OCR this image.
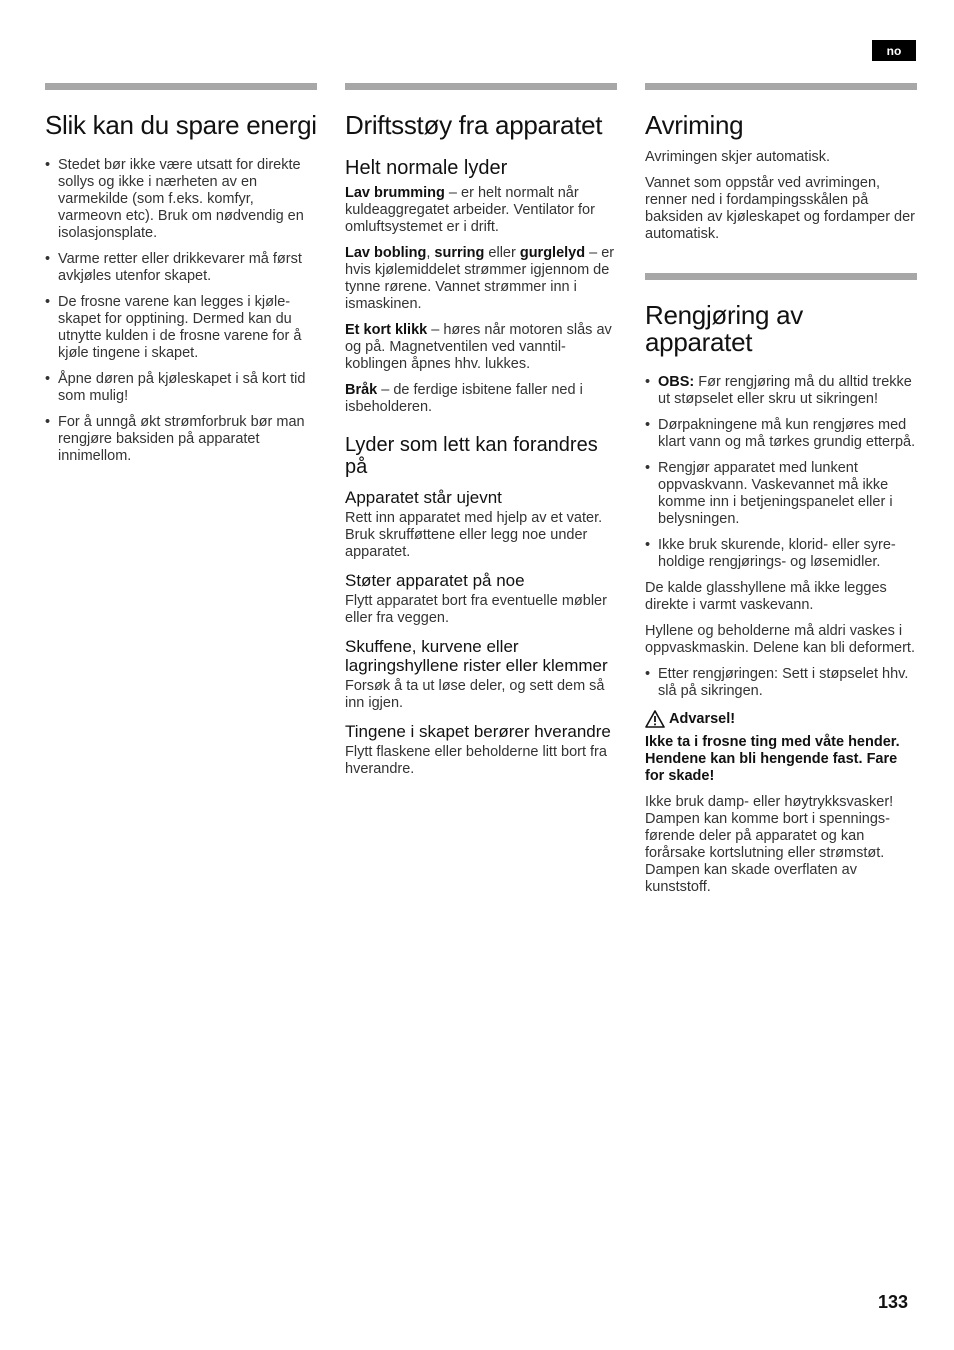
no
Slik kan du spare energi
• Stedet bør ikke være utsatt for direkte sollys og ikke i nærheten av en varmekilde (som f.eks. komfyr, varmeovn etc). Bruk om nødvendig en isolasjonsplate.
• Varme retter eller drikkevarer må først avkjøles utenfor skapet.
• De frosne varene kan legges i kjøle-skapet for opptining. Dermed kan du utnytte kulden i de frosne varene for å kjøle tingene i skapet.
• Åpne døren på kjøleskapet i så kort tid som mulig!
• For å unngå økt strømforbruk bør man rengjøre baksiden på apparatet innimellom.
Driftsstøy fra apparatet
Helt normale lyder

Lav brumming – er helt normalt når kuldeaggregatet arbeider. Ventilator for omluftsystemet er i drift.

Lav bobling, surring eller gurglelyd – er hvis kjølemiddelet strømmer igjennom de tynne rørene. Vannet strømmer inn i ismaskinen.

Et kort klikk – høres når motoren slås av og på. Magnetventilen ved vanntil-koblingen åpnes hhv. lukkes.

Bråk – de ferdige isbitene faller ned i isbeholderen.

Lyder som lett kan forandres på
Apparatet står ujevnt

Rett inn apparatet med hjelp av et vater. Bruk skrufføttene eller legg noe under apparatet.

Støter apparatet på noe

Flytt apparatet bort fra eventuelle møbler eller fra veggen.

Skuffene, kurvene eller lagringshyllene rister eller klemmer

Forsøk å ta ut løse deler, og sett dem så inn igjen.

Tingene i skapet berører hverandre

Flytt flaskene eller beholderne litt bort fra hverandre.

Avriming

Avrimingen skjer automatisk.

Vannet som oppstår ved avrimingen, renner ned i fordampingsskålen på baksiden av kjøleskapet og fordamper der automatisk.

Rengjøring av apparatet
• OBS: Før rengjøring må du alltid trekke ut støpselet eller skru ut sikringen!
• Dørpakningene må kun rengjøres med klart vann og må tørkes grundig etterpå.
• Rengjør apparatet med lunkent oppvaskvann. Vaskevannet må ikke komme inn i betjeningspanelet eller i belysningen.
• Ikke bruk skurende, klorid- eller syre-holdige rengjørings- og løsemidler.

De kalde glasshyllene må ikke legges direkte i varmt vaskevann.

Hyllene og beholderne må aldri vaskes i oppvaskmaskin. Delene kan bli deformert.

• Etter rengjøringen: Sett i støpselet hhv. slå på sikringen.
Advarsel!

Ikke ta i frosne ting med våte hender. Hendene kan bli hengende fast. Fare for skade!

Ikke bruk damp- eller høytrykksvasker! Dampen kan komme bort i spennings-førende deler på apparatet og kan forårsake kortslutning eller strømstøt. Dampen kan skade overflaten av kunststoff.

133
